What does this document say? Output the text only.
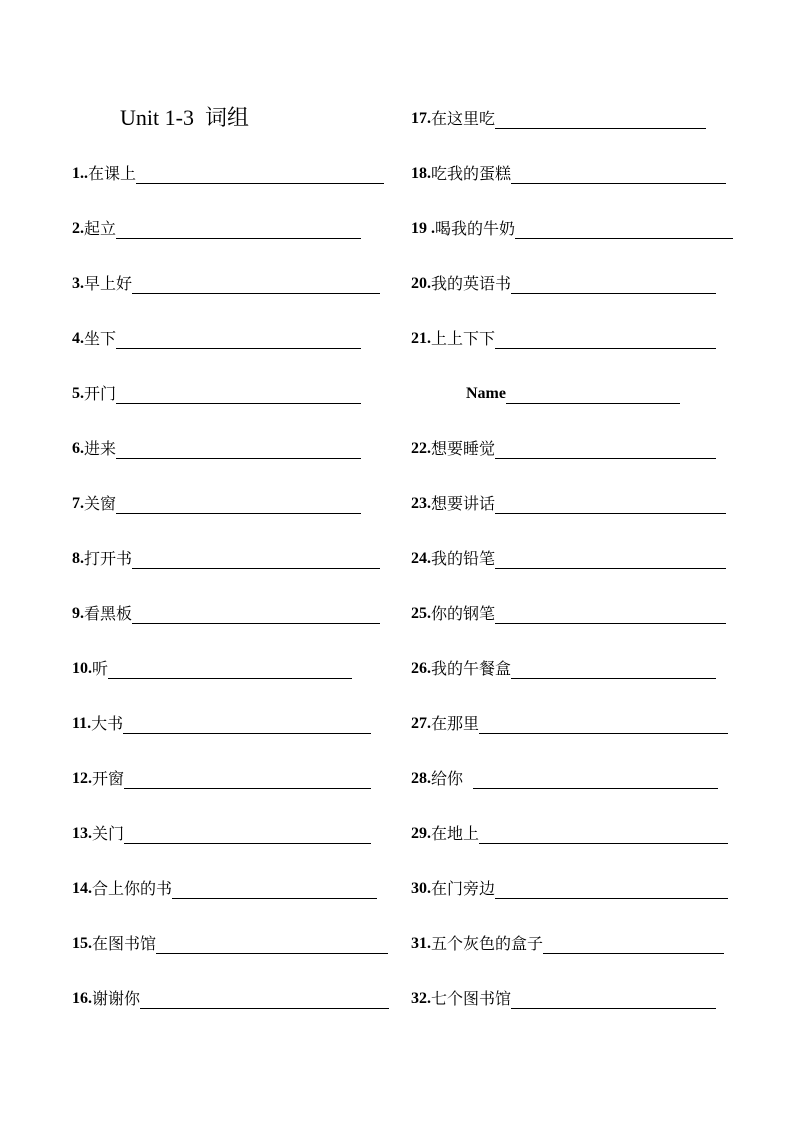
Unit 1-3  词组
1.. 在课上
2. 起立
3. 早上好
4. 坐下
5. 开门
6. 进来
7. 关窗
8. 打开书
9. 看黑板
10. 听
11. 大书
12. 开窗
13. 关门
14. 合上你的书
15. 在图书馆
16. 谢谢你
17. 在这里吃
18. 吃我的蛋糕
19 . 喝我的牛奶
20. 我的英语书
21. 上上下下
22. 想要睡觉
23. 想要讲话
24. 我的铅笔
25. 你的钢笔
26. 我的午餐盒
27. 在那里
28. 给你
29. 在地上
30. 在门旁边
31. 五个灰色的盒子
32. 七个图书馆
Name
